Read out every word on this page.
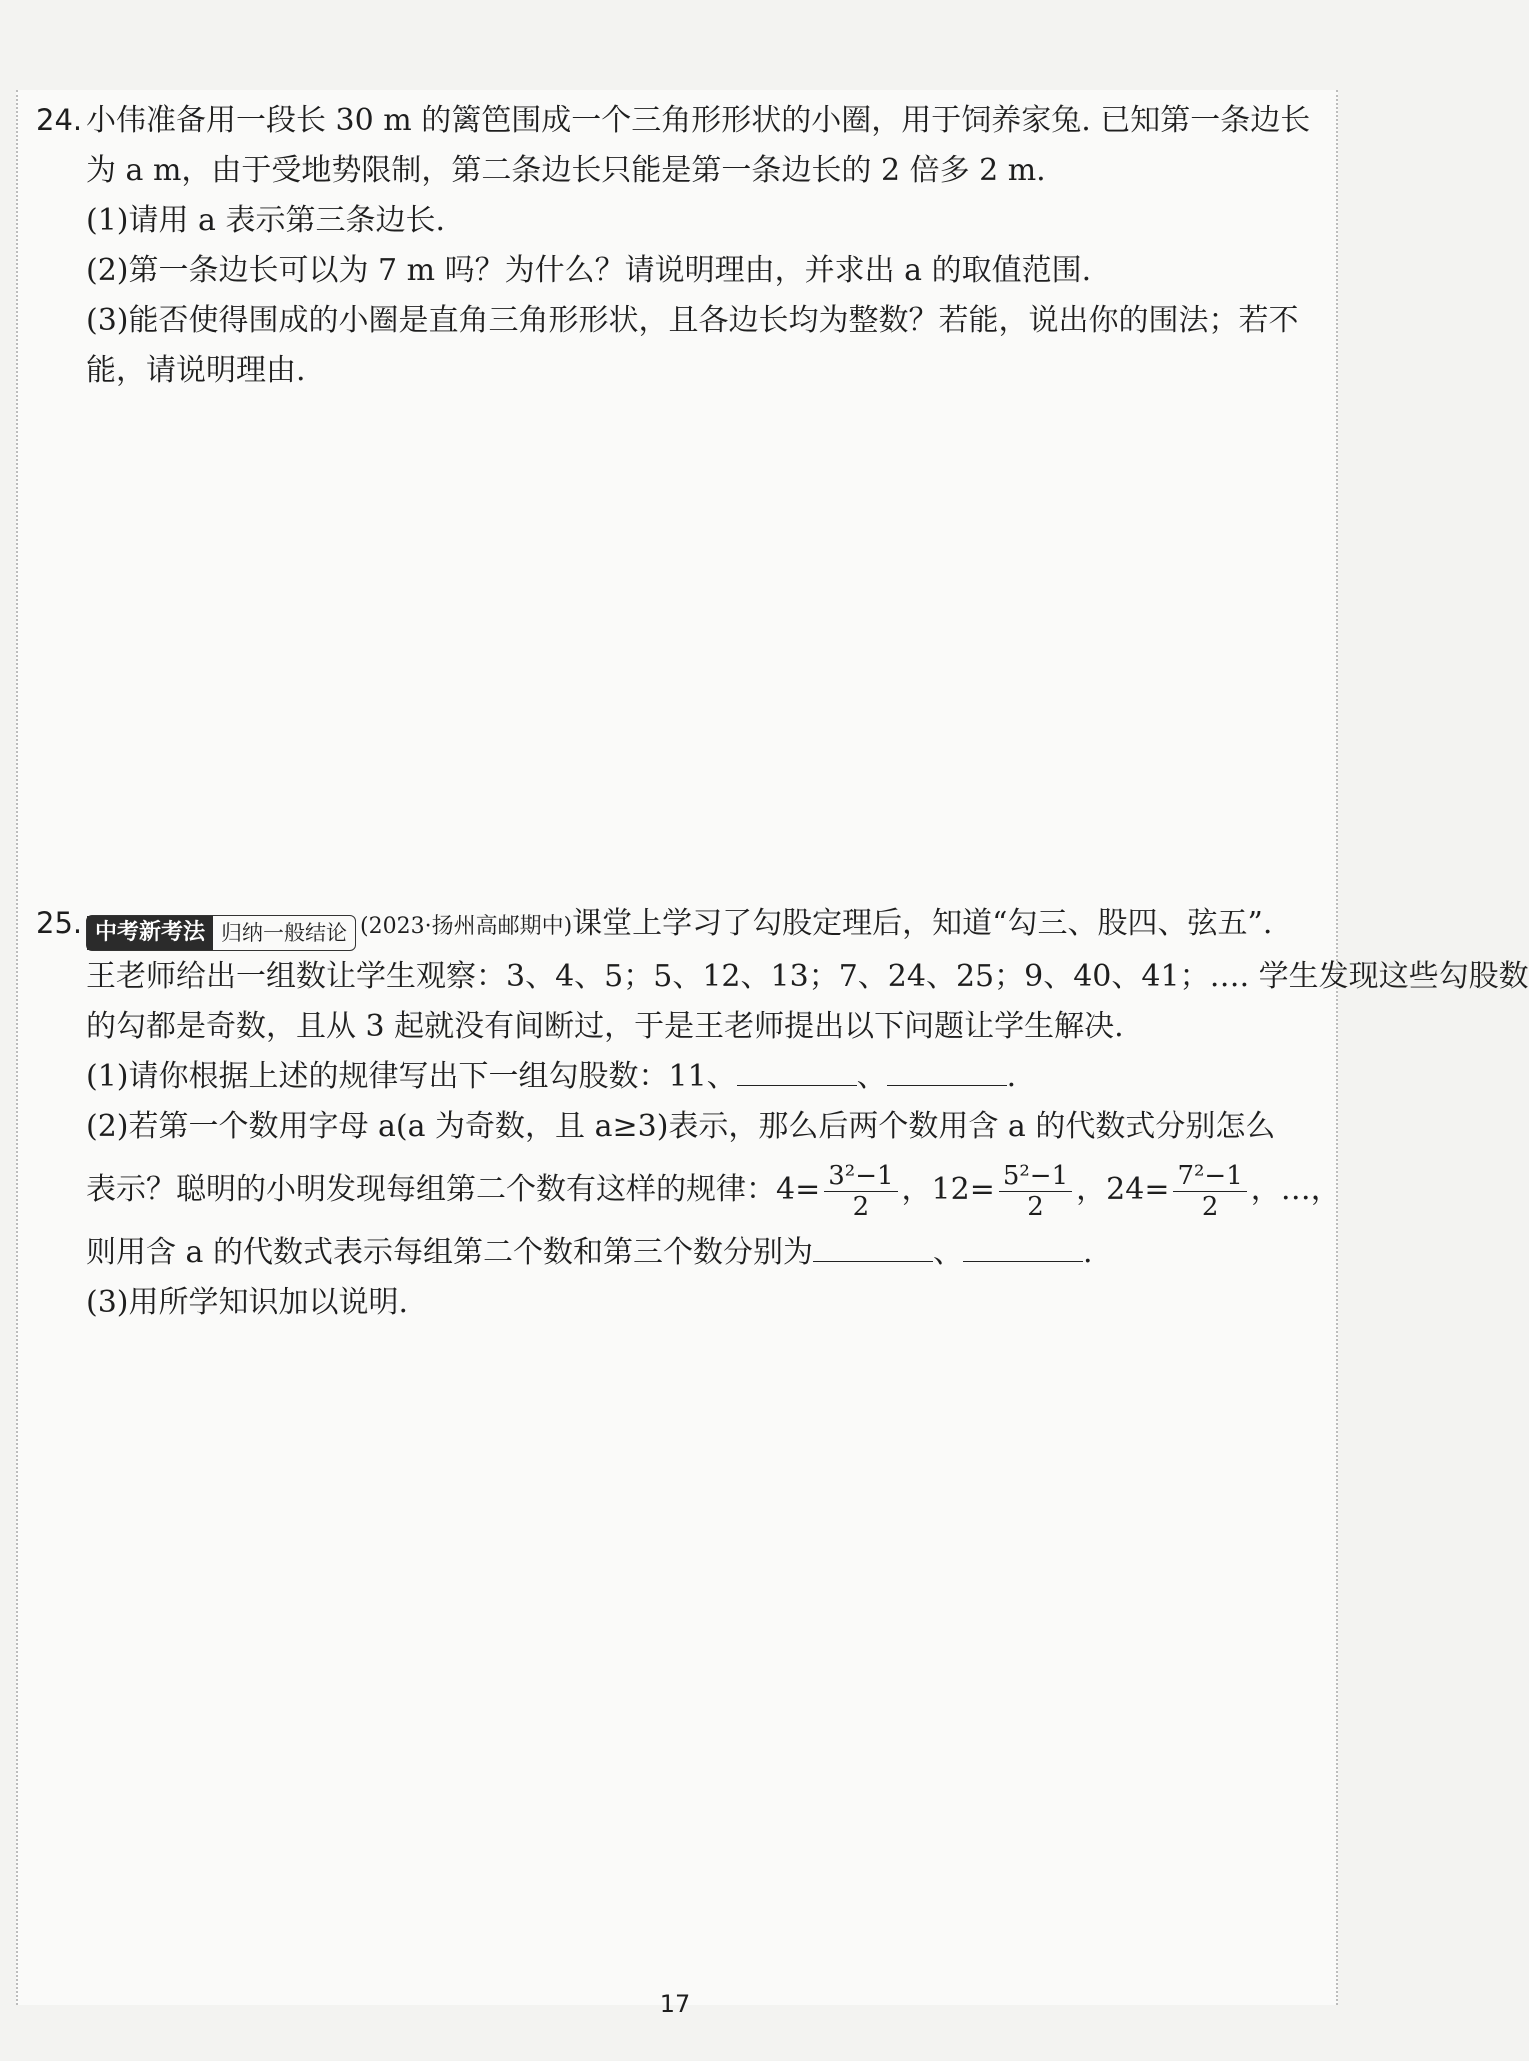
24. 小伟准备用一段长 30 m 的篱笆围成一个三角形形状的小圈，用于饲养家兔. 已知第一条边长
为 a m，由于受地势限制，第二条边长只能是第一条边长的 2 倍多 2 m.
(1)请用 a 表示第三条边长.
(2)第一条边长可以为 7 m 吗？为什么？请说明理由，并求出 a 的取值范围.
(3)能否使得围成的小圈是直角三角形形状，且各边长均为整数？若能，说出你的围法；若不
能，请说明理由.
25. 中考新考法 归纳一般结论 (2023·扬州高邮期中)课堂上学习了勾股定理后，知道“勾三、股四、弦五”.
王老师给出一组数让学生观察：3、4、5；5、12、13；7、24、25；9、40、41；…. 学生发现这些勾股数
的勾都是奇数，且从 3 起就没有间断过，于是王老师提出以下问题让学生解决.
(1)请你根据上述的规律写出下一组勾股数：11、	、	.
(2)若第一个数用字母 a(a 为奇数，且 a≥3)表示，那么后两个数用含 a 的代数式分别怎么
表示？聪明的小明发现每组第二个数有这样的规律：$4= \frac{\text{3²−1}}{2}$ ，$12= \frac{\text{5²−1}}{2}$ ，$24= \frac{\text{7²−1}}{2}$ ，…，
则用含 a 的代数式表示每组第二个数和第三个数分别为	、	.
(3)用所学知识加以说明.
17
